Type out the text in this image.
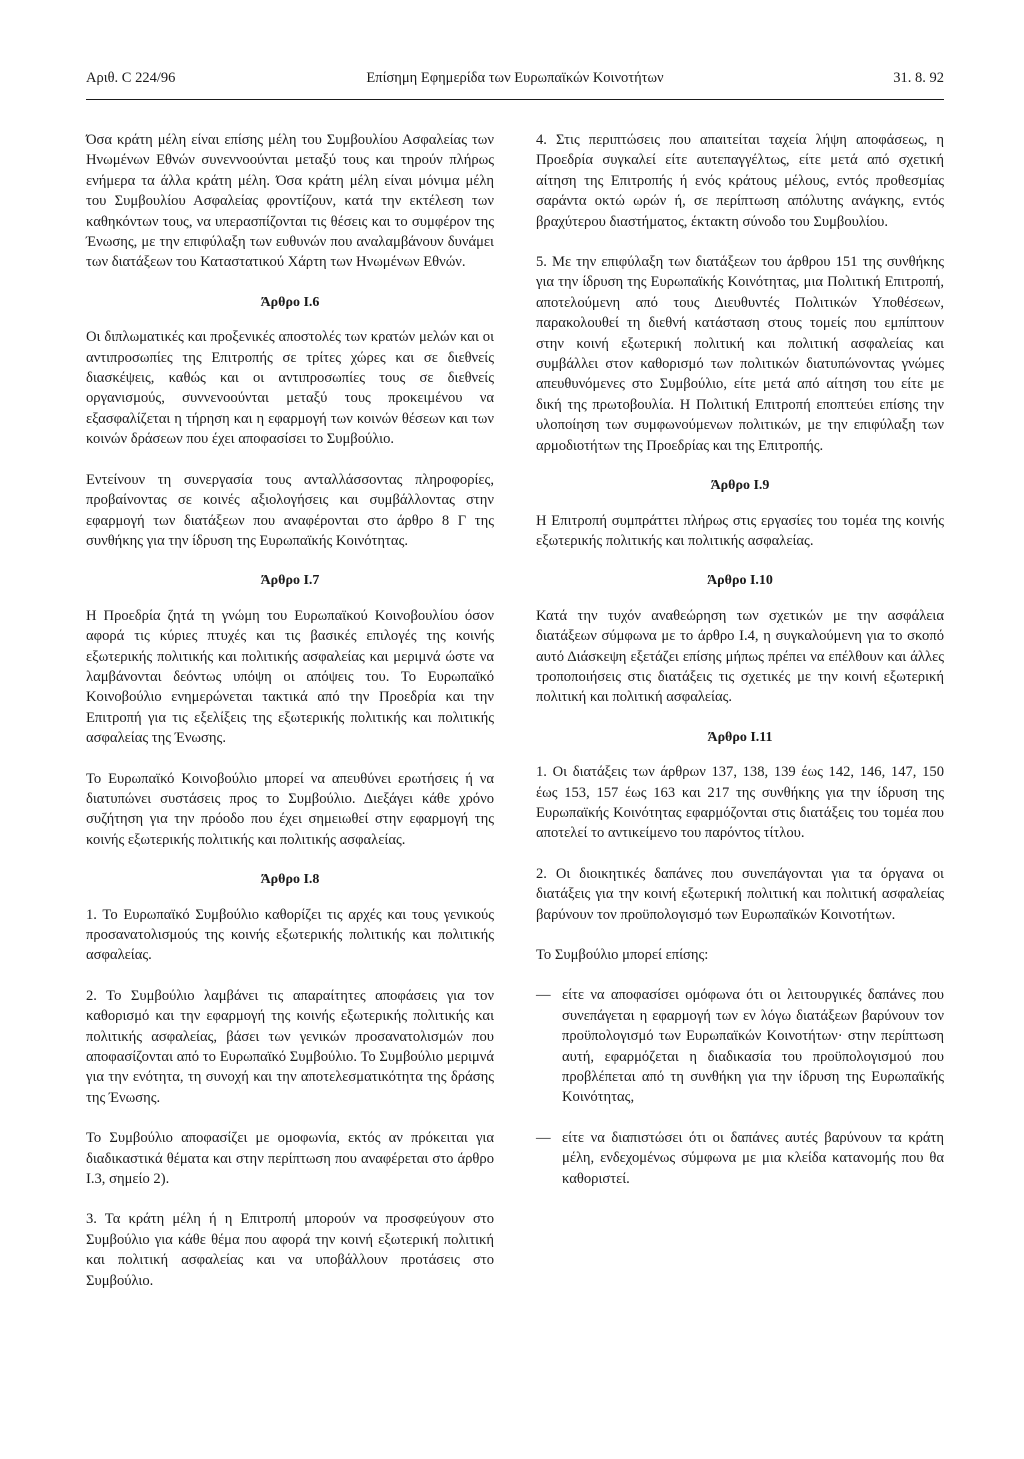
Αριθ. C 224/96	Επίσημη Εφημερίδα των Ευρωπαϊκών Κοινοτήτων	31. 8. 92

Όσα κράτη μέλη είναι επίσης μέλη του Συμβουλίου Ασφαλείας των Ηνωμένων Εθνών συνεννοούνται μεταξύ τους και τηρούν πλήρως ενήμερα τα άλλα κράτη μέλη. Όσα κράτη μέλη είναι μόνιμα μέλη του Συμβουλίου Ασφαλείας φροντίζουν, κατά την εκτέλεση των καθηκόντων τους, να υπερασπίζονται τις θέσεις και το συμφέρον της Ένωσης, με την επιφύλαξη των ευθυνών που αναλαμβάνουν δυνάμει των διατάξεων του Καταστατικού Χάρτη των Ηνωμένων Εθνών.

Άρθρο Ι.6

Οι διπλωματικές και προξενικές αποστολές των κρατών μελών και οι αντιπροσωπίες της Επιτροπής σε τρίτες χώρες και σε διεθνείς διασκέψεις, καθώς και οι αντιπροσωπίες τους σε διεθνείς οργανισμούς, συννενοούνται μεταξύ τους προκειμένου να εξασφαλίζεται η τήρηση και η εφαρμογή των κοινών θέσεων και των κοινών δράσεων που έχει αποφασίσει το Συμβούλιο.

Εντείνουν τη συνεργασία τους ανταλλάσσοντας πληροφορίες, προβαίνοντας σε κοινές αξιολογήσεις και συμβάλλοντας στην εφαρμογή των διατάξεων που αναφέρονται στο άρθρο 8 Γ της συνθήκης για την ίδρυση της Ευρωπαϊκής Κοινότητας.

Άρθρο Ι.7

Η Προεδρία ζητά τη γνώμη του Ευρωπαϊκού Κοινοβουλίου όσον αφορά τις κύριες πτυχές και τις βασικές επιλογές της κοινής εξωτερικής πολιτικής και πολιτικής ασφαλείας και μεριμνά ώστε να λαμβάνονται δεόντως υπόψη οι απόψεις του. Το Ευρωπαϊκό Κοινοβούλιο ενημερώνεται τακτικά από την Προεδρία και την Επιτροπή για τις εξελίξεις της εξωτερικής πολιτικής και πολιτικής ασφαλείας της Ένωσης.

Το Ευρωπαϊκό Κοινοβούλιο μπορεί να απευθύνει ερωτήσεις ή να διατυπώνει συστάσεις προς το Συμβούλιο. Διεξάγει κάθε χρόνο συζήτηση για την πρόοδο που έχει σημειωθεί στην εφαρμογή της κοινής εξωτερικής πολιτικής και πολιτικής ασφαλείας.

Άρθρο Ι.8

1. Το Ευρωπαϊκό Συμβούλιο καθορίζει τις αρχές και τους γενικούς προσανατολισμούς της κοινής εξωτερικής πολιτικής και πολιτικής ασφαλείας.

2. Το Συμβούλιο λαμβάνει τις απαραίτητες αποφάσεις για τον καθορισμό και την εφαρμογή της κοινής εξωτερικής πολιτικής και πολιτικής ασφαλείας, βάσει των γενικών προσανατολισμών που αποφασίζονται από το Ευρωπαϊκό Συμβούλιο. Το Συμβούλιο μεριμνά για την ενότητα, τη συνοχή και την αποτελεσματικότητα της δράσης της Ένωσης.

Το Συμβούλιο αποφασίζει με ομοφωνία, εκτός αν πρόκειται για διαδικαστικά θέματα και στην περίπτωση που αναφέρεται στο άρθρο Ι.3, σημείο 2).

3. Τα κράτη μέλη ή η Επιτροπή μπορούν να προσφεύγουν στο Συμβούλιο για κάθε θέμα που αφορά την κοινή εξωτερική πολιτική και πολιτική ασφαλείας και να υποβάλλουν προτάσεις στο Συμβούλιο.

4. Στις περιπτώσεις που απαιτείται ταχεία λήψη αποφάσεως, η Προεδρία συγκαλεί είτε αυτεπαγγέλτως, είτε μετά από σχετική αίτηση της Επιτροπής ή ενός κράτους μέλους, εντός προθεσμίας σαράντα οκτώ ωρών ή, σε περίπτωση απόλυτης ανάγκης, εντός βραχύτερου διαστήματος, έκτακτη σύνοδο του Συμβουλίου.

5. Με την επιφύλαξη των διατάξεων του άρθρου 151 της συνθήκης για την ίδρυση της Ευρωπαϊκής Κοινότητας, μια Πολιτική Επιτροπή, αποτελούμενη από τους Διευθυντές Πολιτικών Υποθέσεων, παρακολουθεί τη διεθνή κατάσταση στους τομείς που εμπίπτουν στην κοινή εξωτερική πολιτική και πολιτική ασφαλείας και συμβάλλει στον καθορισμό των πολιτικών διατυπώνοντας γνώμες απευθυνόμενες στο Συμβούλιο, είτε μετά από αίτηση του είτε με δική της πρωτοβουλία. Η Πολιτική Επιτροπή εποπτεύει επίσης την υλοποίηση των συμφωνούμενων πολιτικών, με την επιφύλαξη των αρμοδιοτήτων της Προεδρίας και της Επιτροπής.

Άρθρο Ι.9

Η Επιτροπή συμπράττει πλήρως στις εργασίες του τομέα της κοινής εξωτερικής πολιτικής και πολιτικής ασφαλείας.

Άρθρο Ι.10

Κατά την τυχόν αναθεώρηση των σχετικών με την ασφάλεια διατάξεων σύμφωνα με το άρθρο Ι.4, η συγκαλούμενη για το σκοπό αυτό Διάσκεψη εξετάζει επίσης μήπως πρέπει να επέλθουν και άλλες τροποποιήσεις στις διατάξεις τις σχετικές με την κοινή εξωτερική πολιτική και πολιτική ασφαλείας.

Άρθρο Ι.11

1. Οι διατάξεις των άρθρων 137, 138, 139 έως 142, 146, 147, 150 έως 153, 157 έως 163 και 217 της συνθήκης για την ίδρυση της Ευρωπαϊκής Κοινότητας εφαρμόζονται στις διατάξεις του τομέα που αποτελεί το αντικείμενο του παρόντος τίτλου.

2. Οι διοικητικές δαπάνες που συνεπάγονται για τα όργανα οι διατάξεις για την κοινή εξωτερική πολιτική και πολιτική ασφαλείας βαρύνουν τον προϋπολογισμό των Ευρωπαϊκών Κοινοτήτων.

Το Συμβούλιο μπορεί επίσης:

— είτε να αποφασίσει ομόφωνα ότι οι λειτουργικές δαπάνες που συνεπάγεται η εφαρμογή των εν λόγω διατάξεων βαρύνουν τον προϋπολογισμό των Ευρωπαϊκών Κοινοτήτων· στην περίπτωση αυτή, εφαρμόζεται η διαδικασία του προϋπολογισμού που προβλέπεται από τη συνθήκη για την ίδρυση της Ευρωπαϊκής Κοινότητας,
— είτε να διαπιστώσει ότι οι δαπάνες αυτές βαρύνουν τα κράτη μέλη, ενδεχομένως σύμφωνα με μια κλείδα κατανομής που θα καθοριστεί.
